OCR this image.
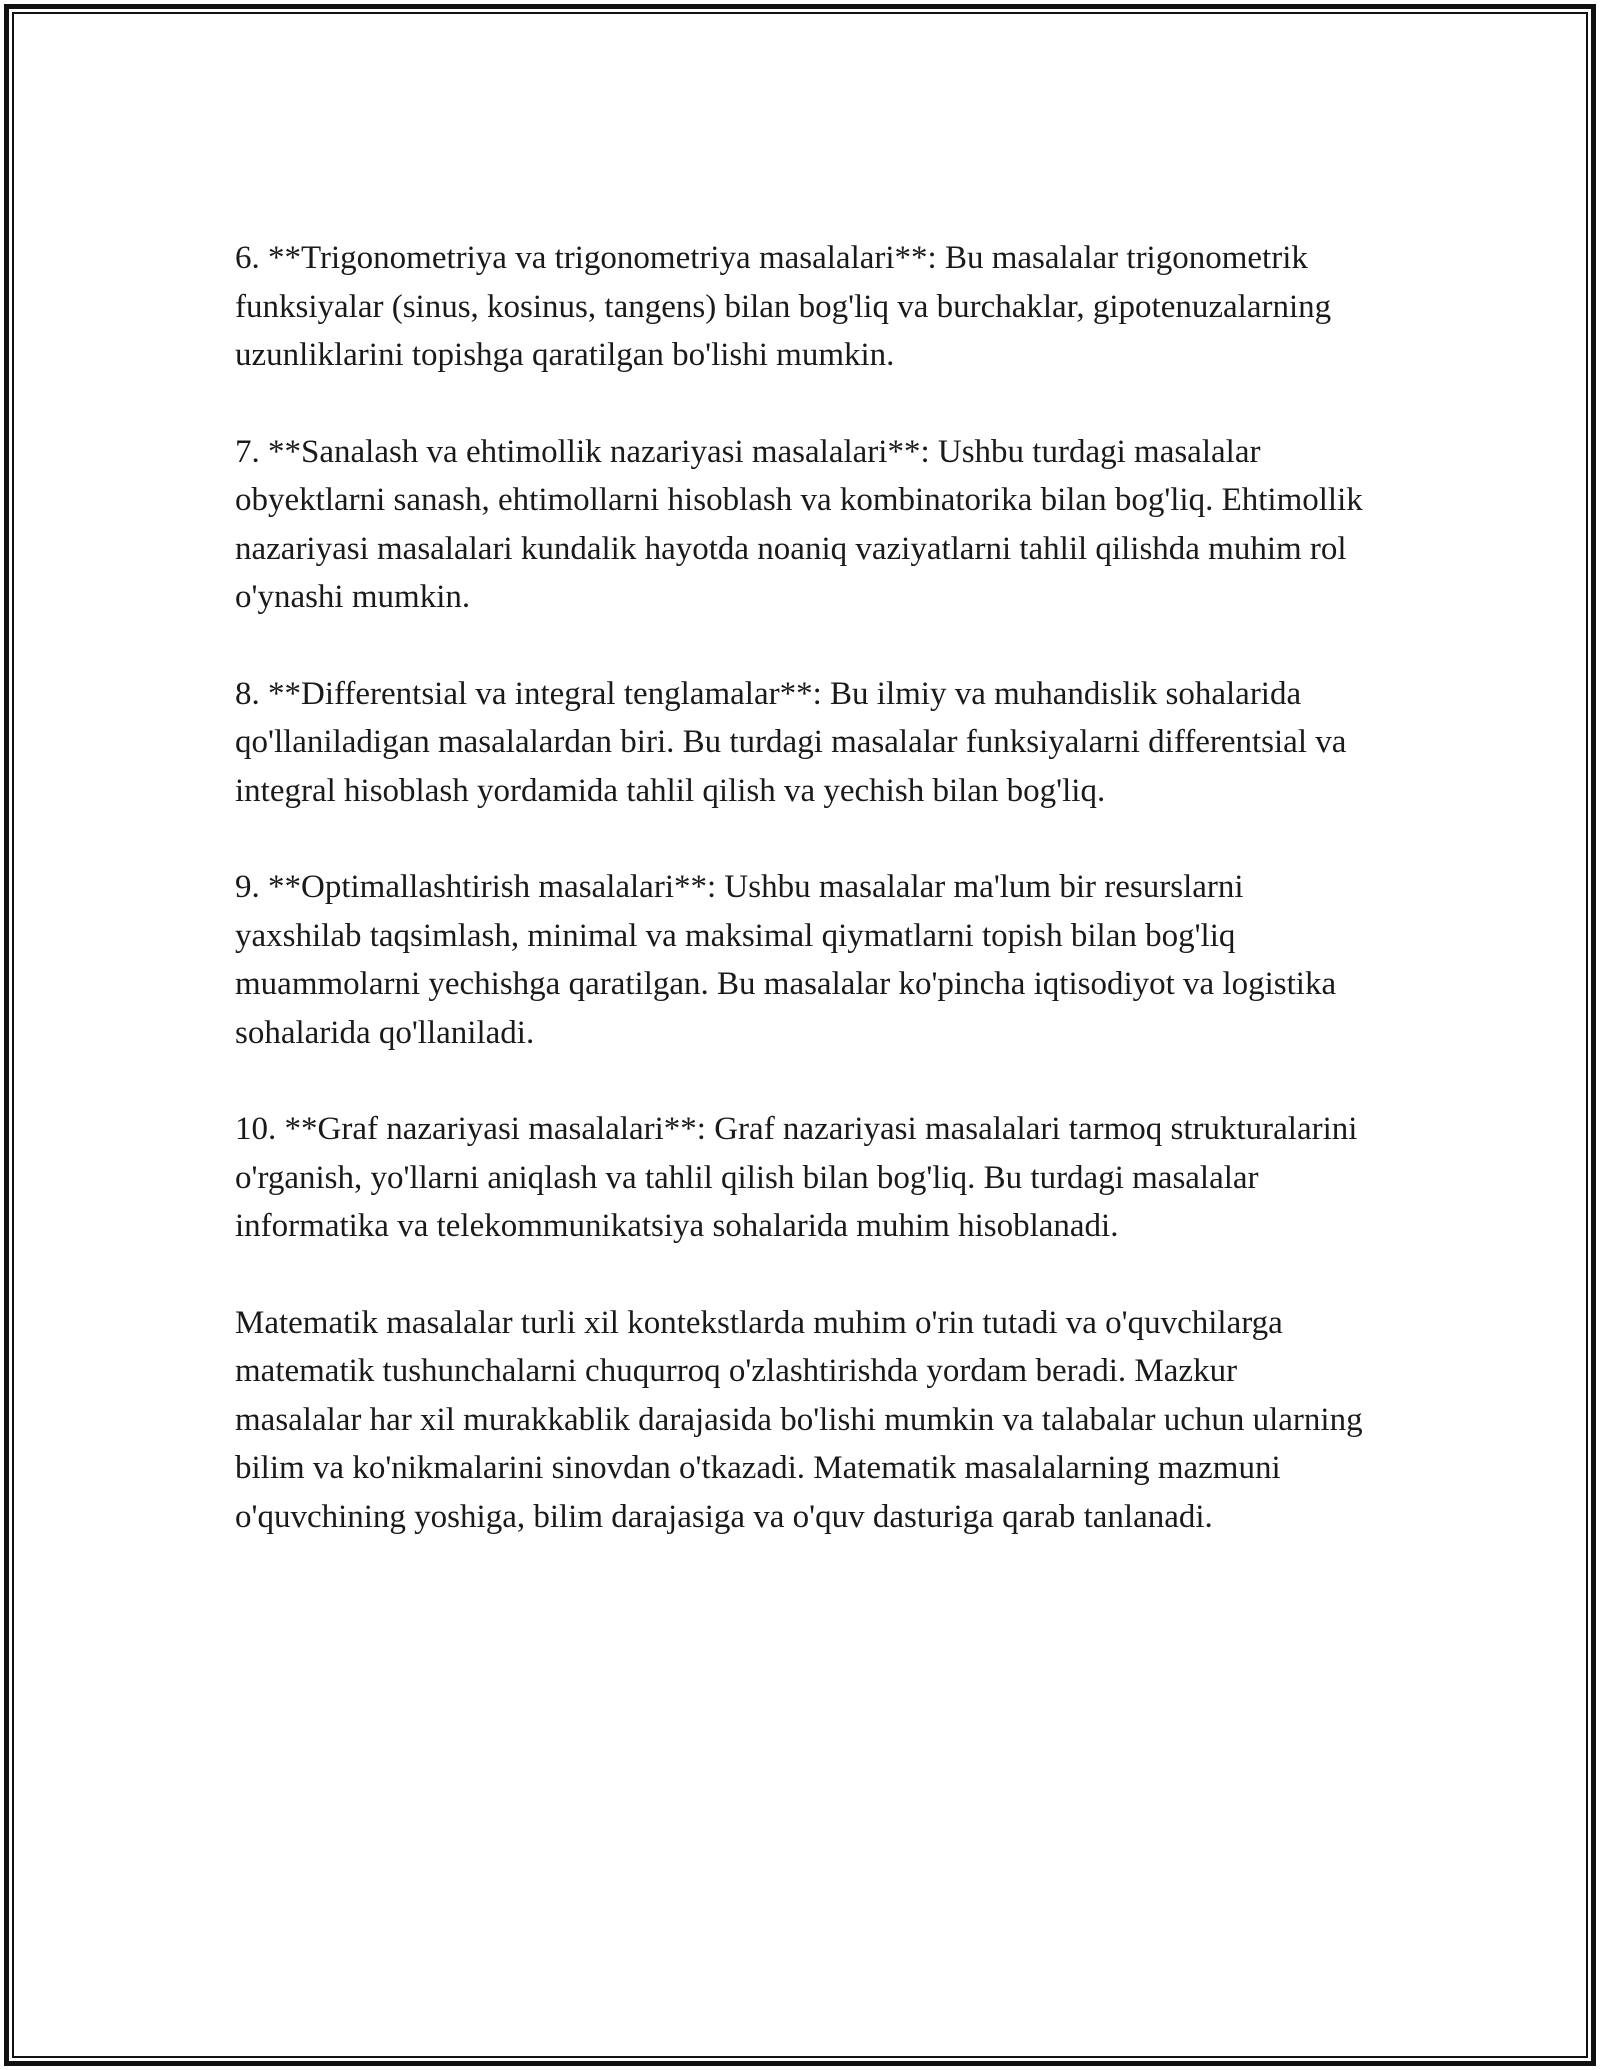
6. **Trigonometriya va trigonometriya masalalari**: Bu masalalar trigonometrik funksiyalar (sinus, kosinus, tangens) bilan bog'liq va burchaklar, gipotenuzalarning uzunliklarini topishga qaratilgan bo'lishi mumkin.

7. **Sanalash va ehtimollik nazariyasi masalalari**: Ushbu turdagi masalalar obyektlarni sanash, ehtimollarni hisoblash va kombinatorika bilan bog'liq. Ehtimollik nazariyasi masalalari kundalik hayotda noaniq vaziyatlarni tahlil qilishda muhim rol o'ynashi mumkin.

8. **Differentsial va integral tenglamalar**: Bu ilmiy va muhandislik sohalarida qo'llaniladigan masalalardan biri. Bu turdagi masalalar funksiyalarni differentsial va integral hisoblash yordamida tahlil qilish va yechish bilan bog'liq.

9. **Optimallashtirish masalalari**: Ushbu masalalar ma'lum bir resurslarni yaxshilab taqsimlash, minimal va maksimal qiymatlarni topish bilan bog'liq muammolarni yechishga qaratilgan. Bu masalalar ko'pincha iqtisodiyot va logistika sohalarida qo'llaniladi.

10. **Graf nazariyasi masalalari**: Graf nazariyasi masalalari tarmoq strukturalarini o'rganish, yo'llarni aniqlash va tahlil qilish bilan bog'liq. Bu turdagi masalalar informatika va telekommunikatsiya sohalarida muhim hisoblanadi.

Matematik masalalar turli xil kontekstlarda muhim o'rin tutadi va o'quvchilarga matematik tushunchalarni chuqurroq o'zlashtirishda yordam beradi. Mazkur masalalar har xil murakkablik darajasida bo'lishi mumkin va talabalar uchun ularning bilim va ko'nikmalarini sinovdan o'tkazadi. Matematik masalalarning mazmuni o'quvchining yoshiga, bilim darajasiga va o'quv dasturiga qarab tanlanadi.
